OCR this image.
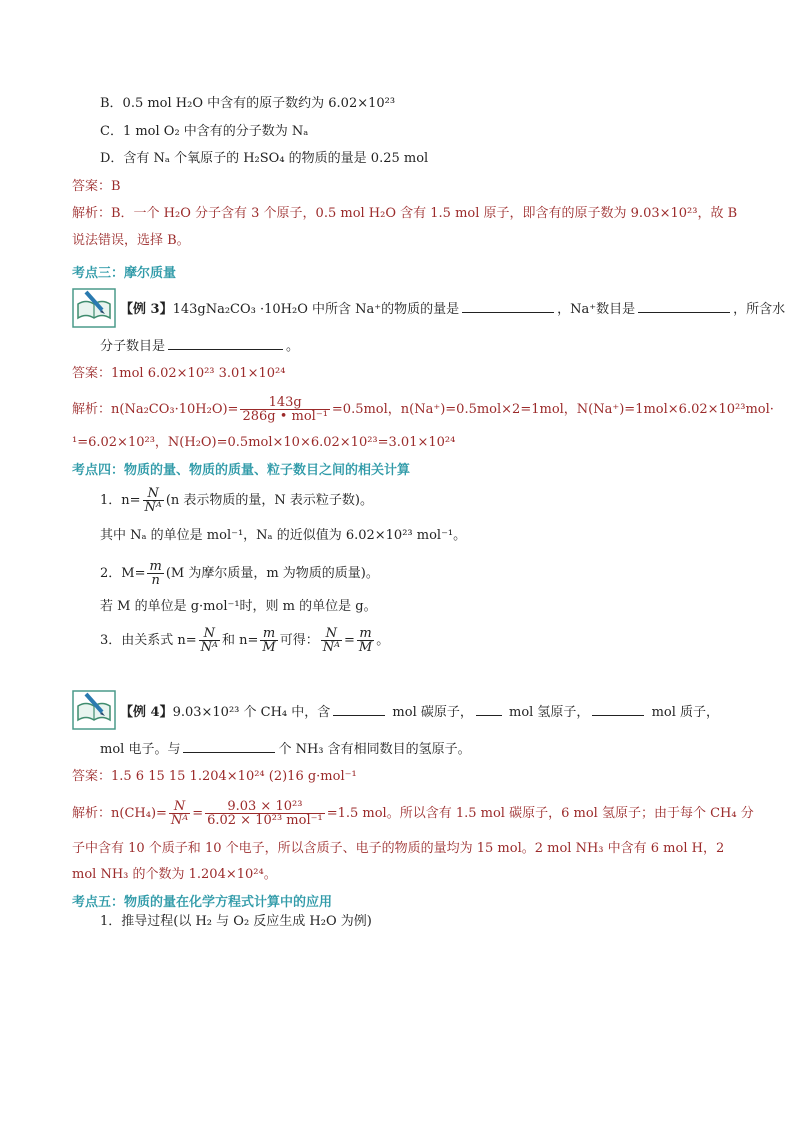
B．0.5 mol H₂O 中含有的原子数约为 6.02×10²³
C．1 mol O₂ 中含有的分子数为 Nₐ
D．含有 Nₐ 个氧原子的 H₂SO₄ 的物质的量是 0.25 mol
答案：B
解析：B．一个 H₂O 分子含有 3 个原子，0.5 mol H₂O 含有 1.5 mol 原子，即含有的原子数为 9.03×10²³，故 B
说法错误，选择 B。
考点三：摩尔质量
【例 3】143gNa₂CO₃ ·10H₂O 中所含 Na⁺的物质的量是	，Na⁺数目是	，所含水
分子数目是	。
答案：1mol 6.02×10²³ 3.01×10²⁴
解析：$n(Na_2CO_3\cdot 10H_2O)= \frac{143g}{\text{286g • mol⁻¹}} =0.5mol$，n(Na⁺)=0.5mol×2=1mol，N(Na⁺)=1mol×6.02×10²³mol·
¹=6.02×10²³，N(H₂O)=0.5mol×10×6.02×10²³=3.01×10²⁴
考点四：物质的量、物质的质量、粒子数目之间的相关计算
1．$n= \frac{N}{\text{Nᴬ}} (n$ 表示物质的量，N 表示粒子数)。
其中 Nₐ 的单位是 mol⁻¹，Nₐ 的近似值为 6.02×10²³ mol⁻¹。
2．$M= \frac{m}{n} (M$ 为摩尔质量，m 为物质的质量)。
若 M 的单位是 g·mol⁻¹时，则 m 的单位是 g。
3．由关系式 $n= \frac{N}{\text{Nᴬ}}$ 和 $n= \frac{m}{M}$ 可得： $\frac{N}{\text{Nᴬ}} = \frac{m}{M}$ 。
【例 4】9.03×10²³ 个 CH₄ 中，含	mol 碳原子， mol 氢原子，	mol 质子，
mol 电子。与	个 NH₃ 含有相同数目的氢原子。
答案：1.5 6 15 15 1.204×10²⁴ (2)16 g·mol⁻¹
解析：$n(CH_4)= \frac{N}{\text{Nᴬ}} = \frac{\text{9.03 × 10²³}}{\text{6.02 × 10²³ mol⁻¹}} =1.5$ mol。所以含有 1.5 mol 碳原子，6 mol 氢原子；由于每个 CH₄ 分
子中含有 10 个质子和 10 个电子，所以含质子、电子的物质的量均为 15 mol。2 mol NH₃ 中含有 6 mol H，2
mol NH₃ 的个数为 1.204×10²⁴。
考点五：物质的量在化学方程式计算中的应用
1．推导过程(以 H₂ 与 O₂ 反应生成 H₂O 为例)
